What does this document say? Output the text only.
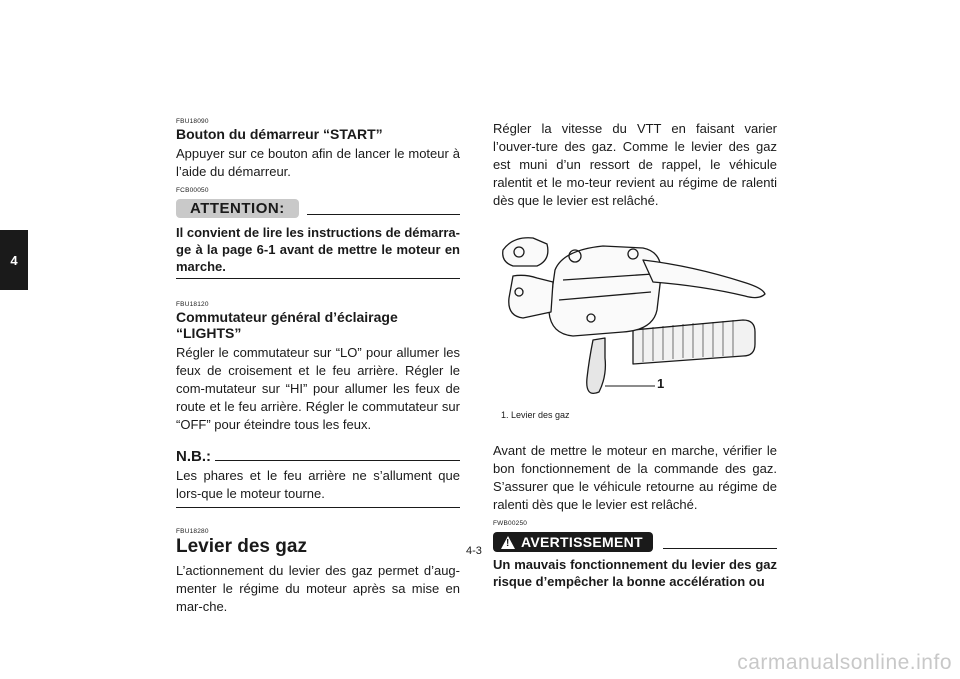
4

FBU18090

Bouton du démarreur “START”

Appuyer sur ce bouton afin de lancer le moteur à l’aide du démarreur.

FCB00050

ATTENTION:

Il convient de lire les instructions de démarra-ge à la page 6-1 avant de mettre le moteur en marche.

FBU18120

Commutateur général d’éclairage “LIGHTS”

Régler le commutateur sur “LO” pour allumer les feux de croisement et le feu arrière. Régler le com-mutateur sur “HI” pour allumer les feux de route et le feu arrière. Régler le commutateur sur “OFF” pour éteindre tous les feux.

N.B.:

Les phares et le feu arrière ne s’allument que lors-que le moteur tourne.

FBU18280

Levier des gaz

L’actionnement du levier des gaz permet d’aug-menter le régime du moteur après sa mise en mar-che.

Régler la vitesse du VTT en faisant varier l’ouver-ture des gaz. Comme le levier des gaz est muni d’un ressort de rappel, le véhicule ralentit et le mo-teur revient au régime de ralenti dès que le levier est relâché.

1

1. Levier des gaz

Avant de mettre le moteur en marche, vérifier le bon fonctionnement de la commande des gaz. S’assurer que le véhicule retourne au régime de ralenti dès que le levier est relâché.

FWB00250

! AVERTISSEMENT

Un mauvais fonctionnement du levier des gaz risque d’empêcher la bonne accélération ou

4-3
carmanualsonline.info
